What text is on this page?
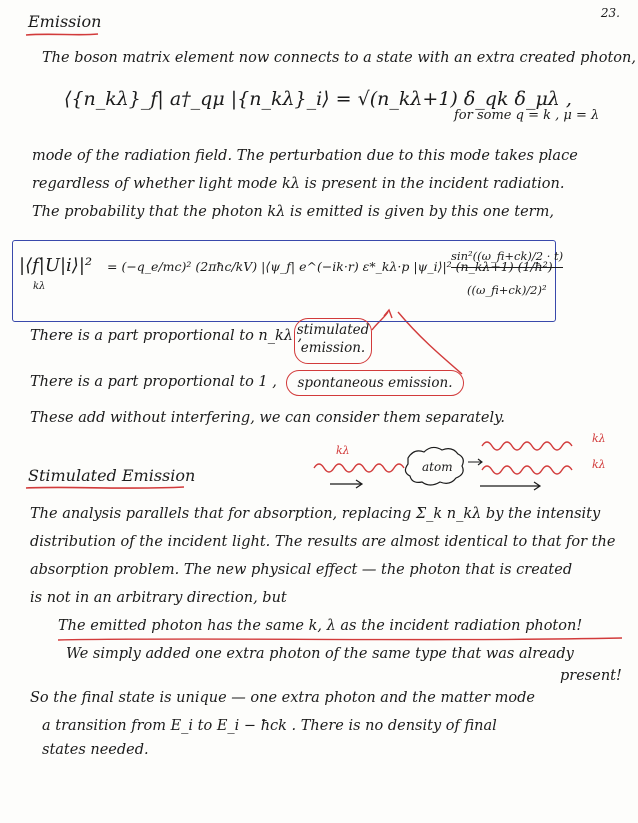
23.
Emission
The boson matrix element now connects to a state with an extra created photon,
⟨{n_kλ}_f| a†_qμ |{n_kλ}_i⟩ = √(n_kλ+1) δ_qk δ_μλ ,
for some q = k , μ = λ
mode of the radiation field. The perturbation due to this mode takes place
regardless of whether light mode kλ is present in the incident radiation.
The probability that the photon kλ is emitted is given by this one term,
|⟨f|U|i⟩|²
kλ
= (−q_e/mc)² (2πħc/kV) |⟨ψ_f| e^(−ik·r) ε*_kλ·p |ψ_i⟩|² (n_kλ+1) (1/ħ²)
sin²((ω_fi+ck)/2 · t)
((ω_fi+ck)/2)²
There is a part proportional to n_kλ ,
stimulated emission.
There is a part proportional to 1 ,	spontaneous emission.
These add without interfering, we can consider them separately.
Stimulated Emission
kλ
atom
kλ
kλ
The analysis parallels that for absorption, replacing Σ_k n_kλ by the intensity
distribution of the incident light. The results are almost identical to that for the
absorption problem. The new physical effect — the photon that is created
is not in an arbitrary direction, but
The emitted photon has the same k, λ as the incident radiation photon!
We simply added one extra photon of the same type that was already
present!
So the final state is unique — one extra photon and the matter mode
a transition from E_i to E_i − ħck . There is no density of final
states needed.
